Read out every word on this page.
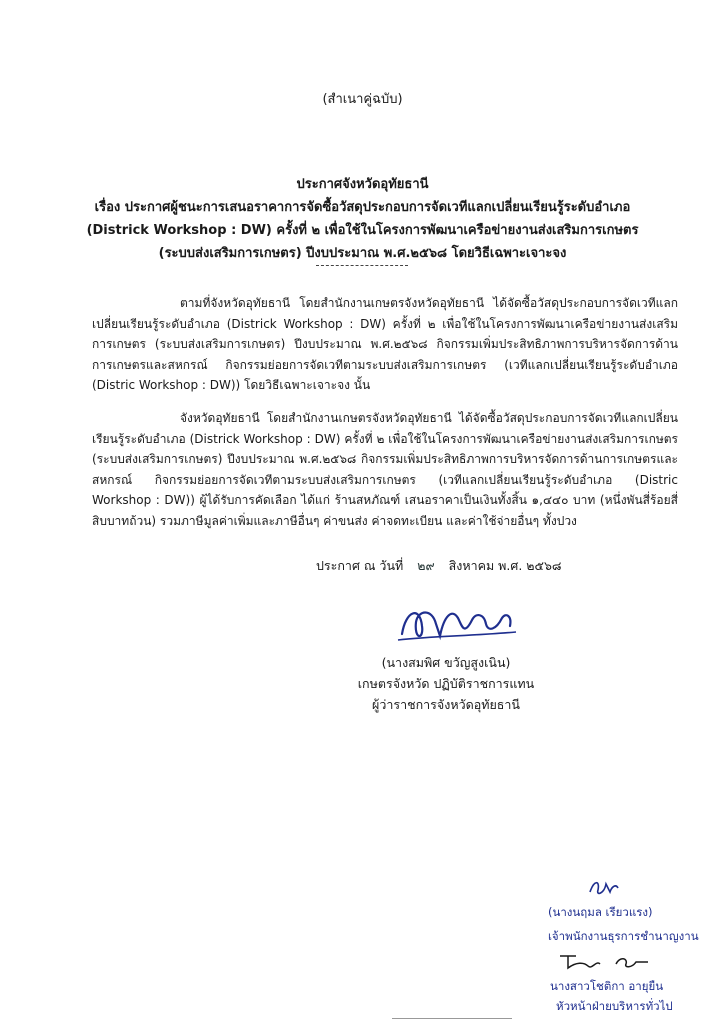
(สำเนาคู่ฉบับ)
ประกาศจังหวัดอุทัยธานี
เรื่อง ประกาศผู้ชนะการเสนอราคาการจัดซื้อวัสดุประกอบการจัดเวทีแลกเปลี่ยนเรียนรู้ระดับอำเภอ
(Districk Workshop : DW) ครั้งที่ ๒ เพื่อใช้ในโครงการพัฒนาเครือข่ายงานส่งเสริมการเกษตร
(ระบบส่งเสริมการเกษตร) ปีงบประมาณ พ.ศ.๒๕๖๘ โดยวิธีเฉพาะเจาะจง

ตามที่จังหวัดอุทัยธานี โดยสำนักงานเกษตรจังหวัดอุทัยธานี ได้จัดซื้อวัสดุประกอบการจัดเวทีแลกเปลี่ยนเรียนรู้ระดับอำเภอ (Districk Workshop : DW) ครั้งที่ ๒ เพื่อใช้ในโครงการพัฒนาเครือข่ายงานส่งเสริมการเกษตร (ระบบส่งเสริมการเกษตร) ปีงบประมาณ พ.ศ.๒๕๖๘ กิจกรรมเพิ่มประสิทธิภาพการบริหารจัดการด้านการเกษตรและสหกรณ์ กิจกรรมย่อยการจัดเวทีตามระบบส่งเสริมการเกษตร (เวทีแลกเปลี่ยนเรียนรู้ระดับอำเภอ (Distric Workshop : DW)) โดยวิธีเฉพาะเจาะจง นั้น

จังหวัดอุทัยธานี โดยสำนักงานเกษตรจังหวัดอุทัยธานี ได้จัดซื้อวัสดุประกอบการจัดเวทีแลกเปลี่ยนเรียนรู้ระดับอำเภอ (Districk Workshop : DW) ครั้งที่ ๒ เพื่อใช้ในโครงการพัฒนาเครือข่ายงานส่งเสริมการเกษตร (ระบบส่งเสริมการเกษตร) ปีงบประมาณ พ.ศ.๒๕๖๘ กิจกรรมเพิ่มประสิทธิภาพการบริหารจัดการด้านการเกษตรและสหกรณ์ กิจกรรมย่อยการจัดเวทีตามระบบส่งเสริมการเกษตร (เวทีแลกเปลี่ยนเรียนรู้ระดับอำเภอ (Distric Workshop : DW)) ผู้ได้รับการคัดเลือก ได้แก่ ร้านสหภัณฑ์ เสนอราคาเป็นเงินทั้งสิ้น ๑,๔๔๐ บาท (หนึ่งพันสี่ร้อยสี่สิบบาทถ้วน) รวมภาษีมูลค่าเพิ่มและภาษีอื่นๆ ค่าขนส่ง ค่าจดทะเบียน และค่าใช้จ่ายอื่นๆ ทั้งปวง

ประกาศ ณ วันที่ ๒๙ สิงหาคม พ.ศ. ๒๕๖๘
(นางสมพิศ ขวัญสูงเนิน)
เกษตรจังหวัด ปฏิบัติราชการแทน
ผู้ว่าราชการจังหวัดอุทัยธานี
(นางนฤมล เรียวแรง)
เจ้าพนักงานธุรการชำนาญงาน
นางสาวโชติกา อายุยืน
หัวหน้าฝ่ายบริหารทั่วไป
